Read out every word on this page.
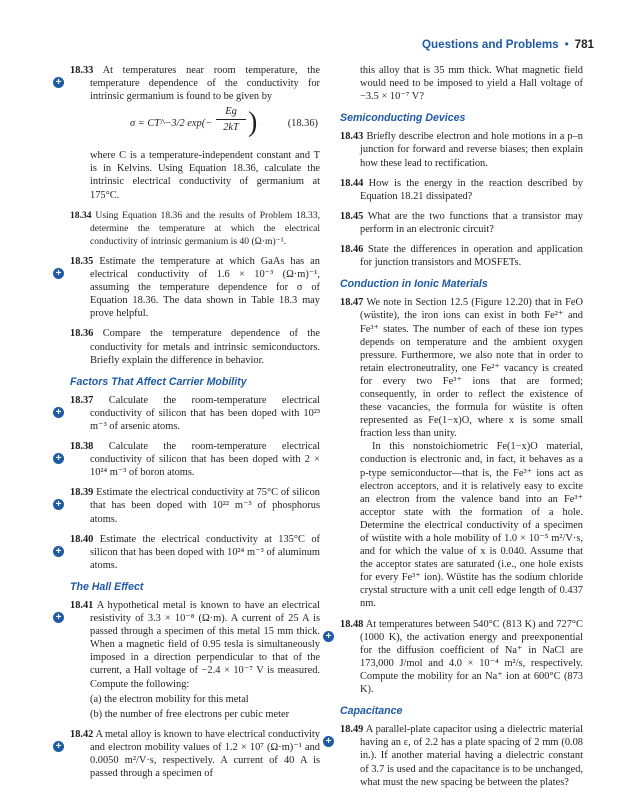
Questions and Problems • 781
+
18.33 At temperatures near room temperature, the temperature dependence of the conductivity for intrinsic germanium is found to be given by
σ = CT^−3/2 exp(−
Eg
2kT )	(18.36)
where C is a temperature-independent constant and T is in Kelvins. Using Equation 18.36, calculate the intrinsic electrical conductivity of germanium at 175°C.
18.34 Using Equation 18.36 and the results of Problem 18.33, determine the temperature at which the electrical conductivity of intrinsic germanium is 40 (Ω·m)⁻¹.
+
18.35 Estimate the temperature at which GaAs has an electrical conductivity of 1.6 × 10⁻³ (Ω·m)⁻¹, assuming the temperature dependence for σ of Equation 18.36. The data shown in Table 18.3 may prove helpful.
18.36 Compare the temperature dependence of the conductivity for metals and intrinsic semiconductors. Briefly explain the difference in behavior.
Factors That Affect Carrier Mobility
+
18.37 Calculate the room-temperature electrical conductivity of silicon that has been doped with 10²³ m⁻³ of arsenic atoms.
+
18.38 Calculate the room-temperature electrical conductivity of silicon that has been doped with 2 × 10²⁴ m⁻³ of boron atoms.
+
18.39 Estimate the electrical conductivity at 75°C of silicon that has been doped with 10²² m⁻³ of phosphorus atoms.
+
18.40 Estimate the electrical conductivity at 135°C of silicon that has been doped with 10²⁴ m⁻³ of aluminum atoms.
The Hall Effect
+
18.41 A hypothetical metal is known to have an electrical resistivity of 3.3 × 10⁻⁸ (Ω·m). A current of 25 A is passed through a specimen of this metal 15 mm thick. When a magnetic field of 0.95 tesla is simultaneously imposed in a direction perpendicular to that of the current, a Hall voltage of −2.4 × 10⁻⁷ V is measured. Compute the following:
(a) the electron mobility for this metal
(b) the number of free electrons per cubic meter
+
18.42 A metal alloy is known to have electrical conductivity and electron mobility values of 1.2 × 10⁷ (Ω·m)⁻¹ and 0.0050 m²/V·s, respectively. A current of 40 A is passed through a specimen of
this alloy that is 35 mm thick. What magnetic field would need to be imposed to yield a Hall voltage of −3.5 × 10⁻⁷ V?
Semiconducting Devices
18.43 Briefly describe electron and hole motions in a p–n junction for forward and reverse biases; then explain how these lead to rectification.
18.44 How is the energy in the reaction described by Equation 18.21 dissipated?
18.45 What are the two functions that a transistor may perform in an electronic circuit?
18.46 State the differences in operation and application for junction transistors and MOSFETs.
Conduction in Ionic Materials
18.47 We note in Section 12.5 (Figure 12.20) that in FeO (wüstite), the iron ions can exist in both Fe²⁺ and Fe³⁺ states. The number of each of these ion types depends on temperature and the ambient oxygen pressure. Furthermore, we also note that in order to retain electroneutrality, one Fe²⁺ vacancy is created for every two Fe³⁺ ions that are formed; consequently, in order to reflect the existence of these vacancies, the formula for wüstite is often represented as Fe(1−x)O, where x is some small fraction less than unity.
In this nonstoichiometric Fe(1−x)O material, conduction is electronic and, in fact, it behaves as a p-type semiconductor—that is, the Fe³⁺ ions act as electron acceptors, and it is relatively easy to excite an electron from the valence band into an Fe³⁺ acceptor state with the formation of a hole. Determine the electrical conductivity of a specimen of wüstite with a hole mobility of 1.0 × 10⁻⁵ m²/V·s, and for which the value of x is 0.040. Assume that the acceptor states are saturated (i.e., one hole exists for every Fe³⁺ ion). Wüstite has the sodium chloride crystal structure with a unit cell edge length of 0.437 nm.
+
18.48 At temperatures between 540°C (813 K) and 727°C (1000 K), the activation energy and preexponential for the diffusion coefficient of Na⁺ in NaCl are 173,000 J/mol and 4.0 × 10⁻⁴ m²/s, respectively. Compute the mobility for an Na⁺ ion at 600°C (873 K).
Capacitance
+
18.49 A parallel-plate capacitor using a dielectric material having an ε, of 2.2 has a plate spacing of 2 mm (0.08 in.). If another material having a dielectric constant of 3.7 is used and the capacitance is to be unchanged, what must the new spacing be between the plates?
